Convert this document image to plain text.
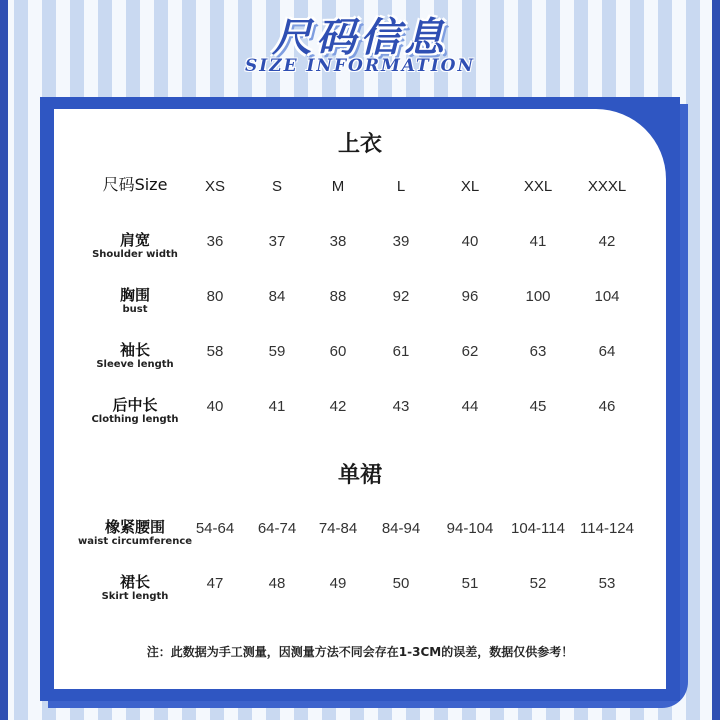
尺码信息
SIZE INFORMATION
上衣
尺码Size	XS	S	M	L	XL	XXL	XXXL
肩宽
Shoulder width
36	37	38	39	40	41	42
胸围
bust
80	84	88	92	96	100	104
袖长
Sleeve length
58	59	60	61	62	63	64
后中长
Clothing length
40	41	42	43	44	45	46
单裙
橡紧腰围
waist circumference
54-64	64-74	74-84	84-94	94-104	104-114	114-124
裙长
Skirt length
47	48	49	50	51	52	53
注：此数据为手工测量，因测量方法不同会存在1-3CM的误差，数据仅供参考！
